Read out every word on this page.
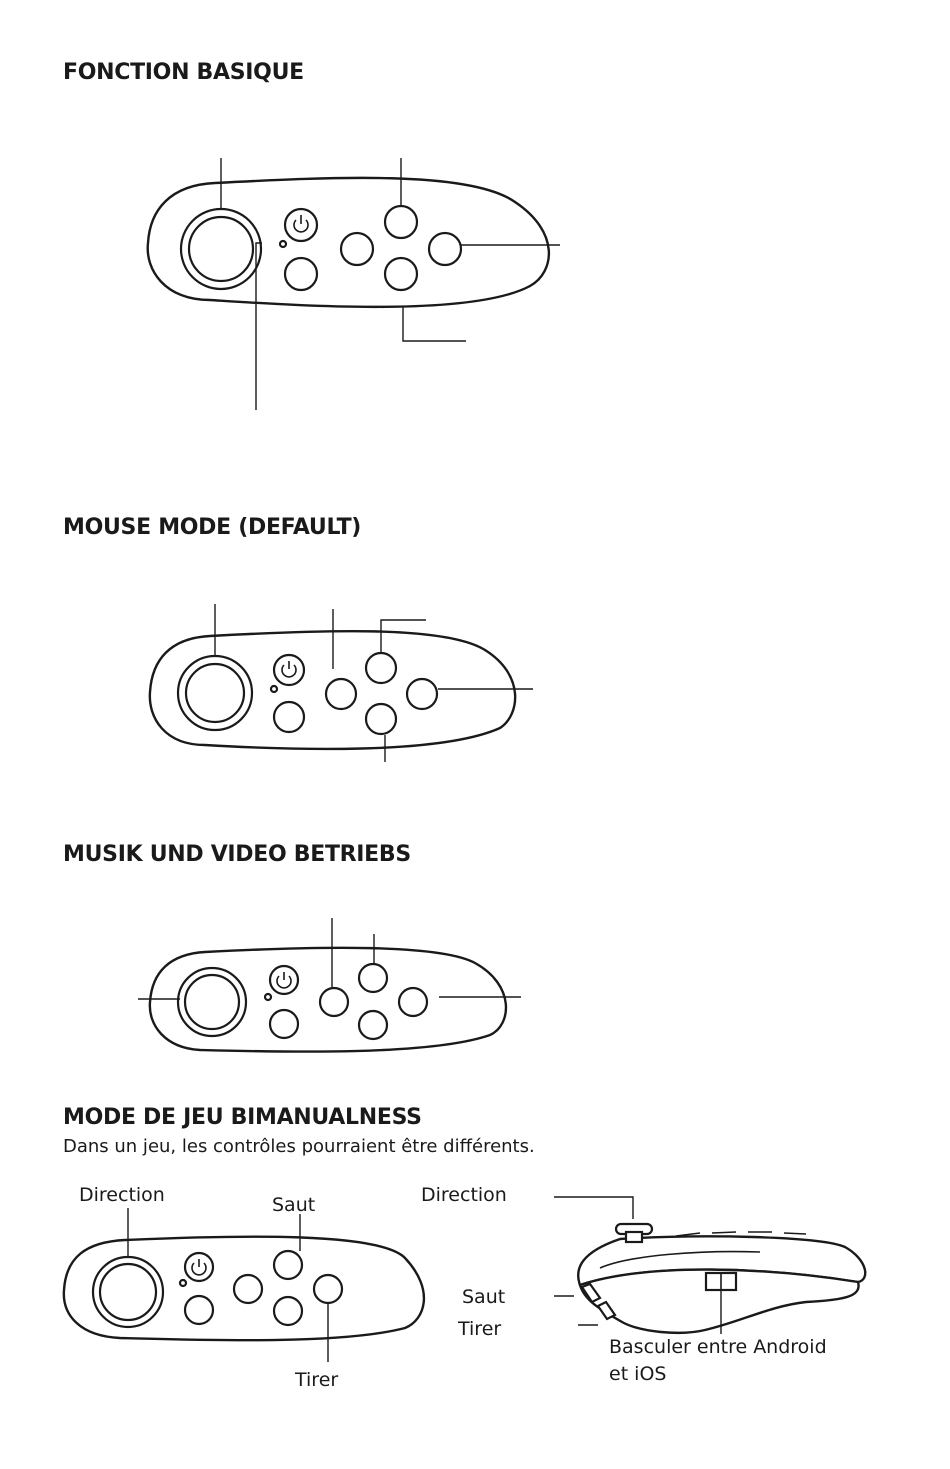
FONCTION BASIQUE
MOUSE MODE (DEFAULT)
MUSIK UND VIDEO BETRIEBS
MODE DE JEU BIMANUALNESS

Dans un jeu, les contrôles pourraient être différents.

Direction	Saut
Tirer
Direction
Saut
Tirer
Basculer entre Android
et iOS
